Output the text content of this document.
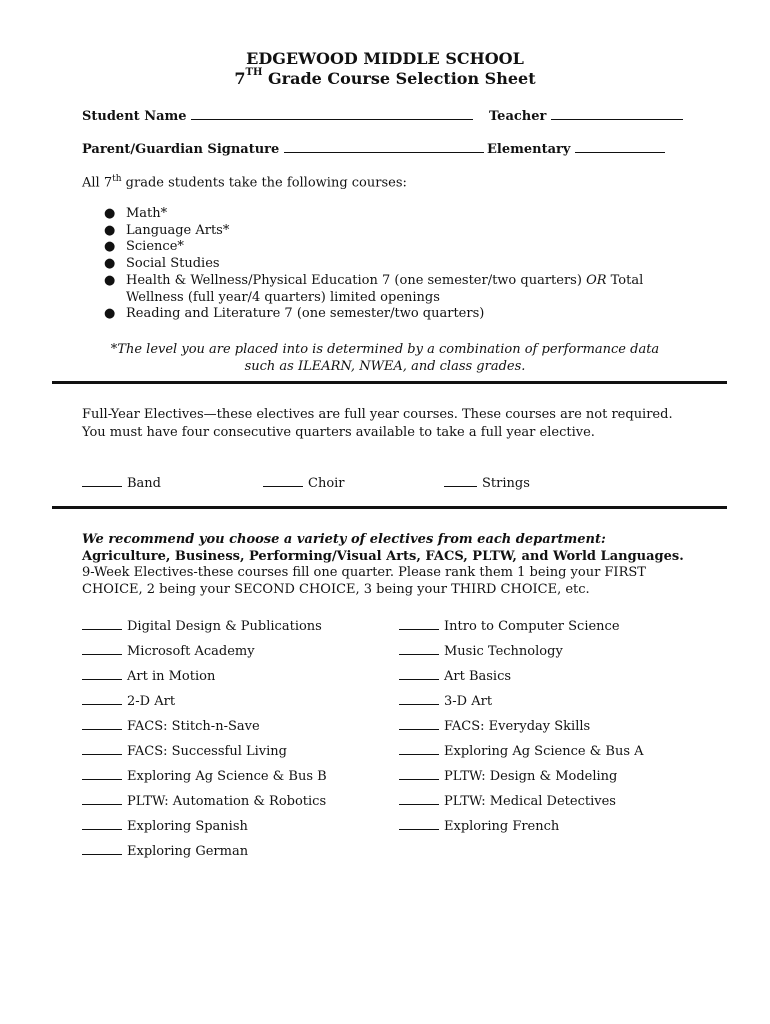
EDGEWOOD MIDDLE SCHOOL
7TH Grade Course Selection Sheet
Student Name	Teacher
Parent/Guardian Signature	Elementary
All 7th grade students take the following courses:
● Math*
● Language Arts*
● Science*
● Social Studies
● Health & Wellness/Physical Education 7 (one semester/two quarters) OR Total
Wellness (full year/4 quarters) limited openings
● Reading and Literature 7 (one semester/two quarters)
*The level you are placed into is determined by a combination of performance data
such as ILEARN, NWEA, and class grades.
Full-Year Electives—these electives are full year courses. These courses are not required.
You must have four consecutive quarters available to take a full year elective.
Band	Choir	Strings
We recommend you choose a variety of electives from each department:
Agriculture, Business, Performing/Visual Arts, FACS, PLTW, and World Languages.
9-Week Electives-these courses fill one quarter. Please rank them 1 being your FIRST
CHOICE, 2 being your SECOND CHOICE, 3 being your THIRD CHOICE, etc.
Digital Design & Publications
Microsoft Academy
Art in Motion
2-D Art
FACS: Stitch-n-Save
FACS: Successful Living
Exploring Ag Science & Bus B
PLTW: Automation & Robotics
Exploring Spanish
Exploring German
Intro to Computer Science
Music Technology
Art Basics
3-D Art
FACS: Everyday Skills
Exploring Ag Science & Bus A
PLTW: Design & Modeling
PLTW: Medical Detectives
Exploring French
